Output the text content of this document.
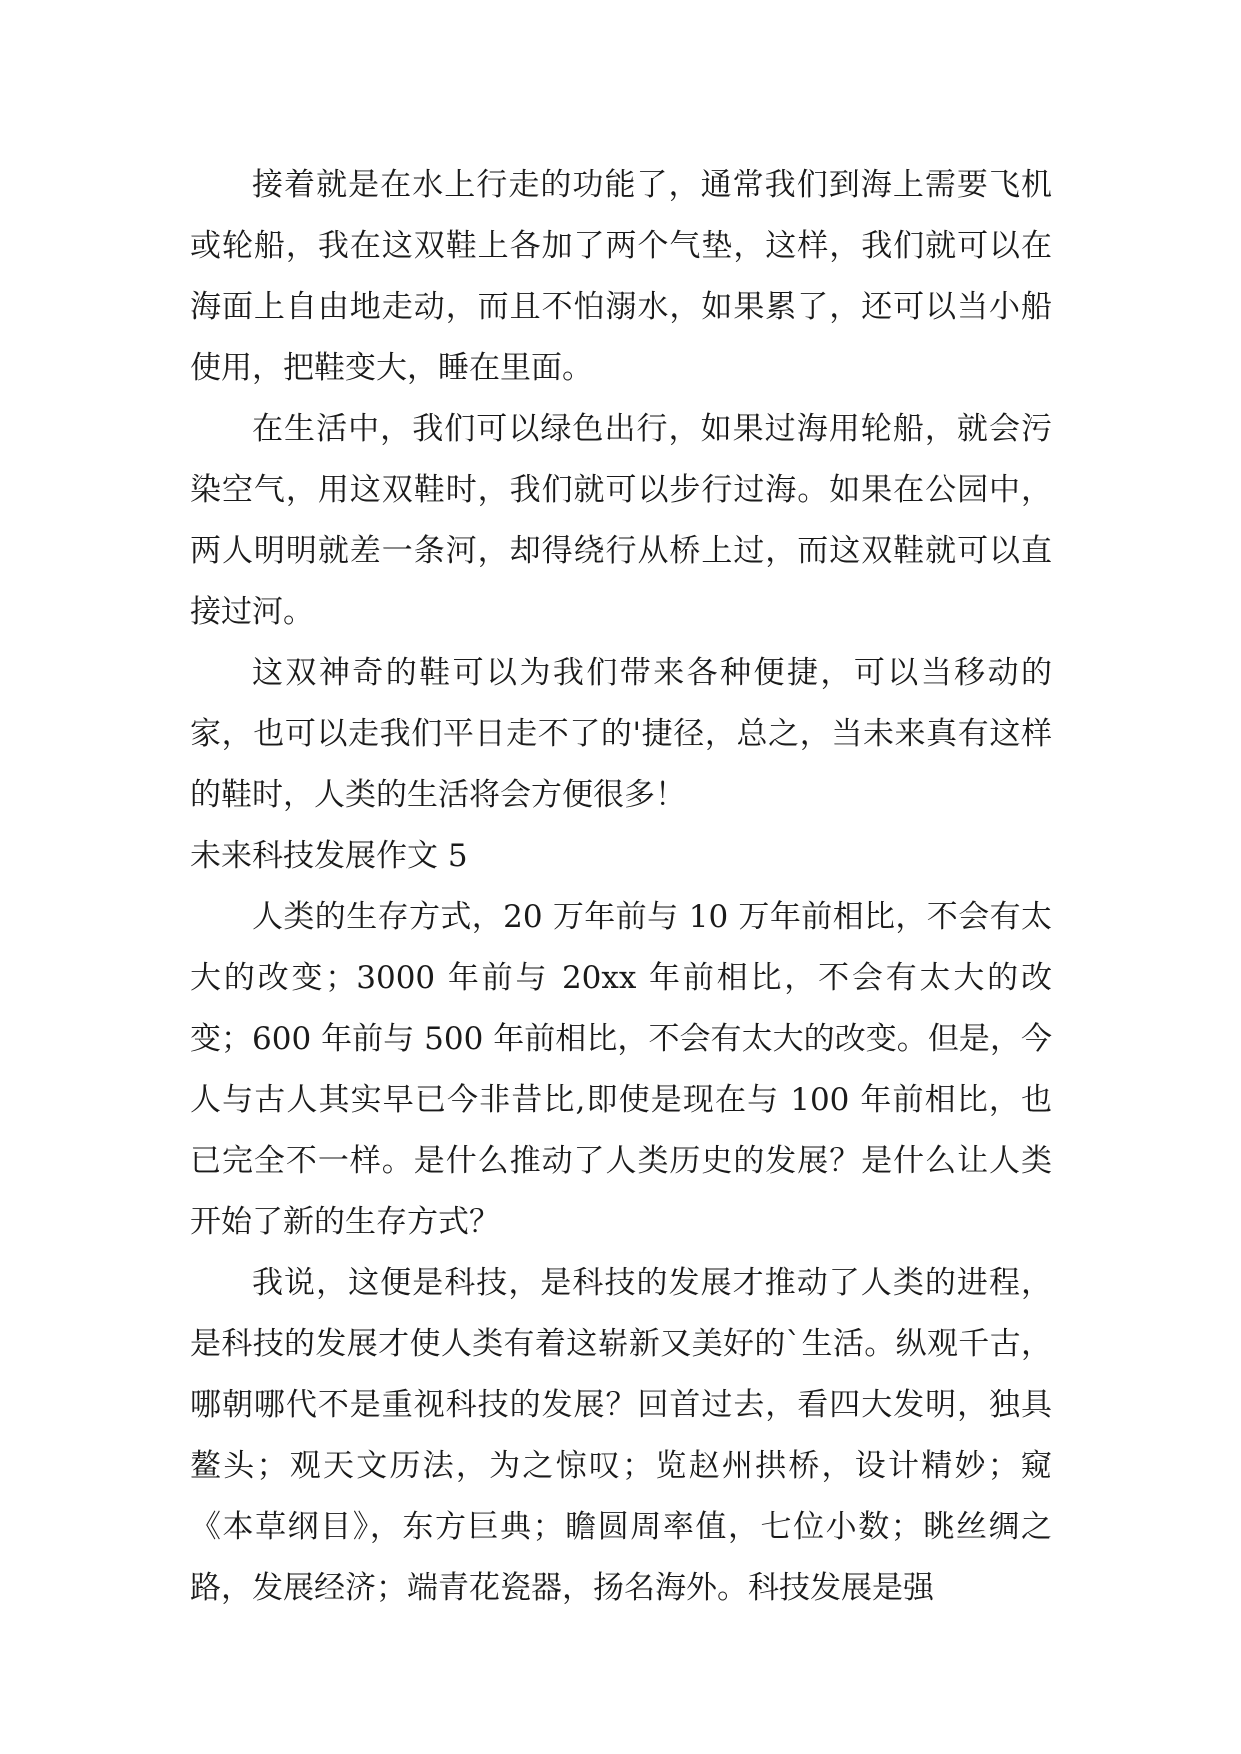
接着就是在水上行走的功能了，通常我们到海上需要飞机或轮船，我在这双鞋上各加了两个气垫，这样，我们就可以在海面上自由地走动，而且不怕溺水，如果累了，还可以当小船使用，把鞋变大，睡在里面。

在生活中，我们可以绿色出行，如果过海用轮船，就会污染空气，用这双鞋时，我们就可以步行过海。如果在公园中，两人明明就差一条河，却得绕行从桥上过，而这双鞋就可以直接过河。

这双神奇的鞋可以为我们带来各种便捷，可以当移动的家，也可以走我们平日走不了的'捷径，总之，当未来真有这样的鞋时，人类的生活将会方便很多！

未来科技发展作文 5

人类的生存方式，20 万年前与 10 万年前相比，不会有太大的改变；3000 年前与 20xx 年前相比，不会有太大的改变；600 年前与 500 年前相比，不会有太大的改变。但是，今人与古人其实早已今非昔比,即使是现在与 100 年前相比，也已完全不一样。是什么推动了人类历史的发展？是什么让人类开始了新的生存方式？

我说，这便是科技，是科技的发展才推动了人类的进程，是科技的发展才使人类有着这崭新又美好的`生活。纵观千古，哪朝哪代不是重视科技的发展？回首过去，看四大发明，独具鳌头；观天文历法，为之惊叹；览赵州拱桥，设计精妙；窥《本草纲目》，东方巨典；瞻圆周率值，七位小数；眺丝绸之路，发展经济；端青花瓷器，扬名海外。科技发展是强
